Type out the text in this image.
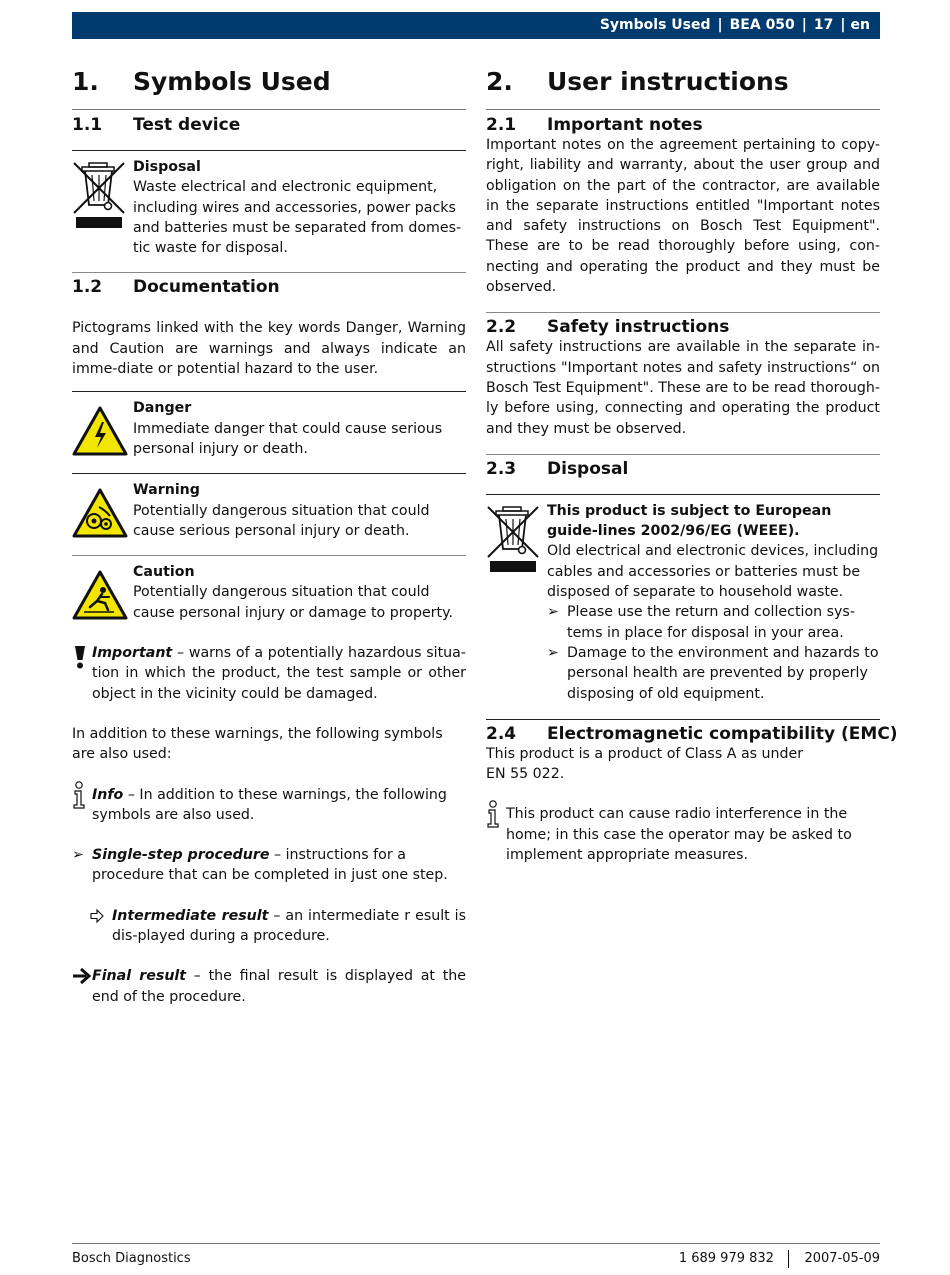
Symbols Used | BEA 050 | 17 | en
1. Symbols Used
1.1 Test device

Disposal

Waste electrical and electronic equipment, including wires and accessories, power packs and batteries must be separated from domes-tic waste for disposal.

1.2 Documentation

Pictograms linked with the key words Danger, Warning and Caution are warnings and always indicate an imme-diate or potential hazard to the user.

Danger

Immediate danger that could cause serious personal injury or death.

Warning

Potentially dangerous situation that could cause serious personal injury or death.

Caution

Potentially dangerous situation that could cause personal injury or damage to property.

Important – warns of a potentially hazardous situa-tion in which the product, the test sample or other object in the vicinity could be damaged.

In addition to these warnings, the following symbols are also used:

Info – In addition to these warnings, the following symbols are also used.

➢ Single-step procedure – instructions for a procedure that can be completed in just one step.

Intermediate result – an intermediate r esult is dis-played during a procedure.

Final result – the final result is displayed at the end of the procedure.

2. User instructions
2.1 Important notes

Important notes on the agreement pertaining to copy-right, liability and warranty, about the user group and obligation on the part of the contractor, are available in the separate instructions entitled "Important notes and safety instructions on Bosch Test Equipment". These are to be read thoroughly before using, con-necting and operating the product and they must be observed.

2.2 Safety instructions

All safety instructions are available in the separate in-structions "Important notes and safety instructions“ on Bosch Test Equipment". These are to be read thorough-ly before using, connecting and operating the product and they must be observed.

2.3 Disposal

This product is subject to European guide-lines 2002/96/EG (WEEE).

Old electrical and electronic devices, including cables and accessories or batteries must be disposed of separate to household waste.

➢ Please use the return and collection sys-tems in place for disposal in your area.
➢ Damage to the environment and hazards to personal health are prevented by properly disposing of old equipment.
2.4 Electromagnetic compatibility (EMC)

This product is a product of Class A as under

EN 55 022.

This product can cause radio interference in the home; in this case the operator may be asked to implement appropriate measures.

Bosch Diagnostics	1 689 979 832 2007-05-09
